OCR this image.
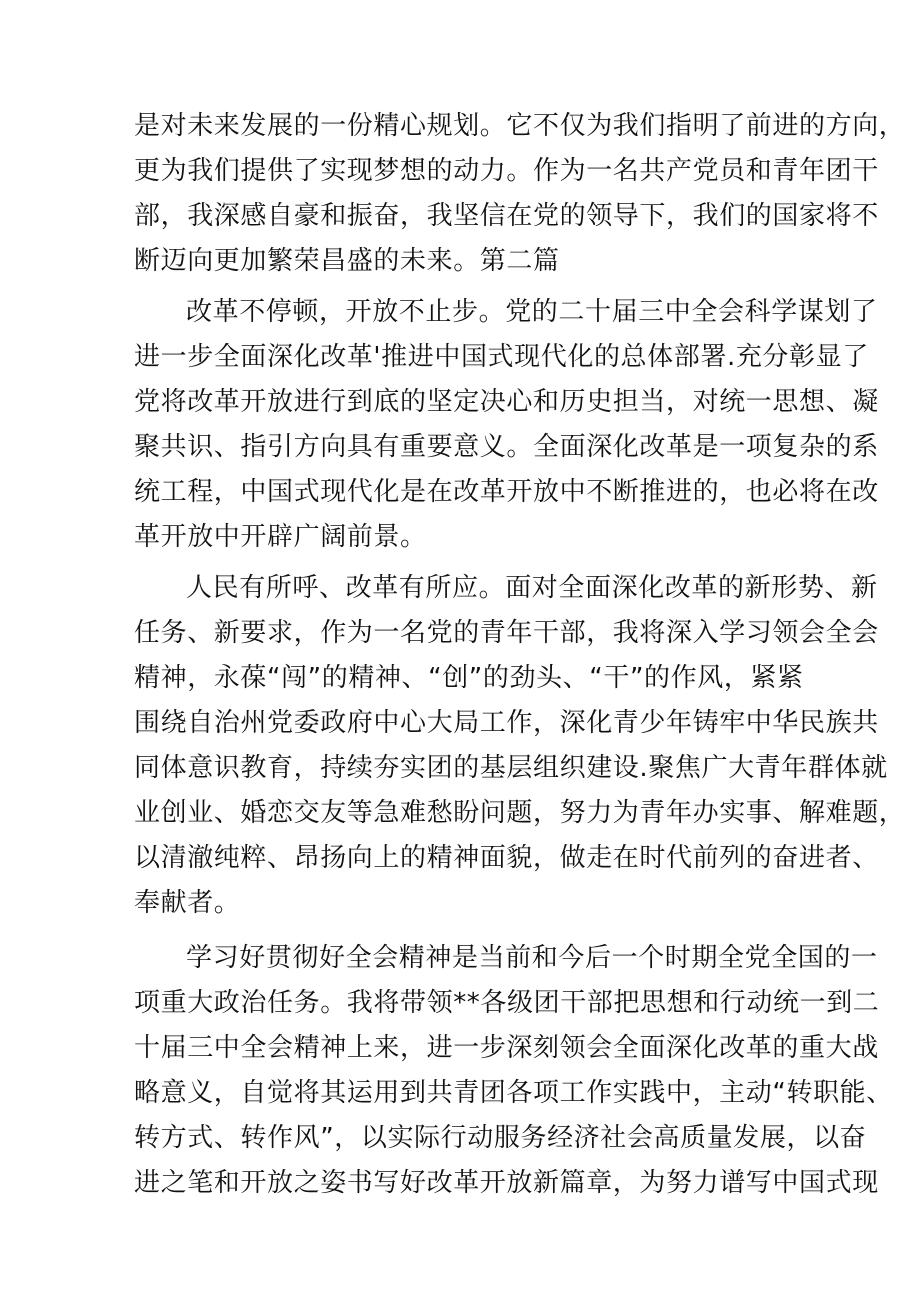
是对未来发展的一份精心规划。它不仅为我们指明了前进的方向，
更为我们提供了实现梦想的动力。作为一名共产党员和青年团干
部，我深感自豪和振奋，我坚信在党的领导下，我们的国家将不
断迈向更加繁荣昌盛的未来。第二篇

改革不停顿，开放不止步。党的二十届三中全会科学谋划了
进一步全面深化改革'推进中国式现代化的总体部署.充分彰显了
党将改革开放进行到底的坚定决心和历史担当，对统一思想、凝
聚共识、指引方向具有重要意义。全面深化改革是一项复杂的系
统工程，中国式现代化是在改革开放中不断推进的，也必将在改
革开放中开辟广阔前景。

人民有所呼、改革有所应。面对全面深化改革的新形势、新
任务、新要求，作为一名党的青年干部，我将深入学习领会全会
精神，永葆“闯”的精神、“创”的劲头、“干”的作风，紧紧
围绕自治州党委政府中心大局工作，深化青少年铸牢中华民族共
同体意识教育，持续夯实团的基层组织建设.聚焦广大青年群体就
业创业、婚恋交友等急难愁盼问题，努力为青年办实事、解难题，
以清澈纯粹、昂扬向上的精神面貌，做走在时代前列的奋进者、
奉献者。

学习好贯彻好全会精神是当前和今后一个时期全党全国的一
项重大政治任务。我将带领**各级团干部把思想和行动统一到二
十届三中全会精神上来，进一步深刻领会全面深化改革的重大战
略意义，自觉将其运用到共青团各项工作实践中，主动“转职能、
转方式、转作风”，以实际行动服务经济社会高质量发展，以奋
进之笔和开放之姿书写好改革开放新篇章，为努力谱写中国式现
